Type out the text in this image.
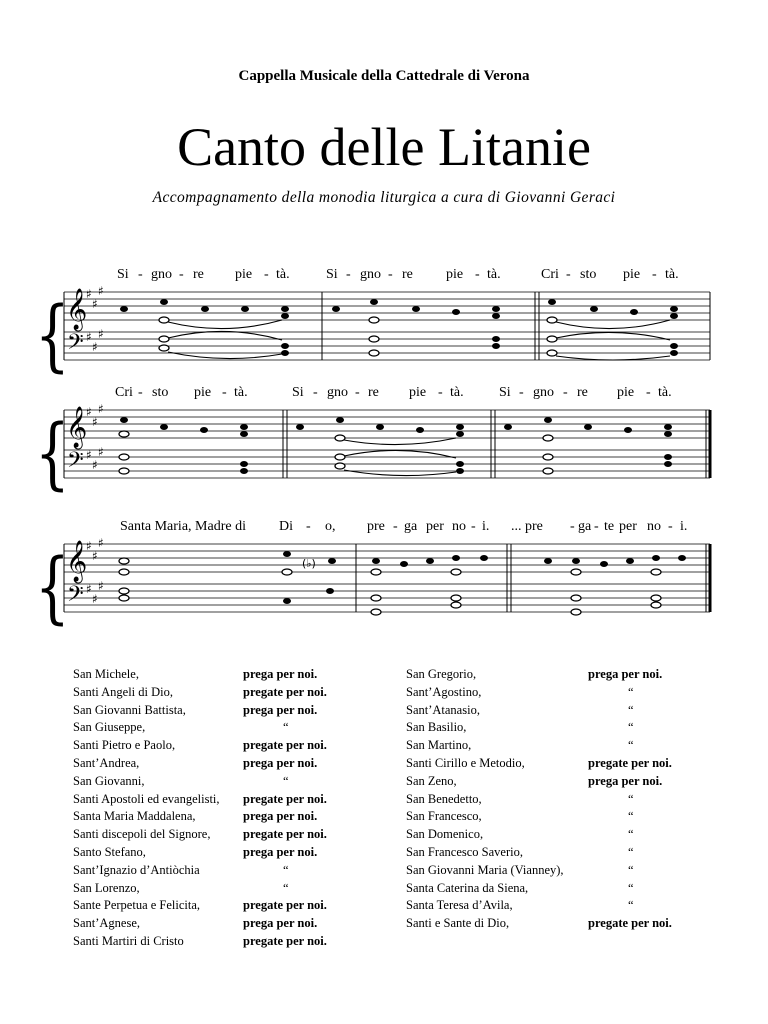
Cappella Musicale della Cattedrale di Verona
Canto delle Litanie
Accompagnamento della monodia liturgica a cura di Giovanni Geraci
Si - gno - re pie - tà.	Si - gno - re pie - tà.	Cri - sto pie - tà.
{
𝄞
𝄢
♯
♯
♯
♯
♯
♯
Cri - sto pie - tà.	Si - gno - re pie - tà.	Si - gno - re pie - tà.
{
𝄞
𝄢
♯
♯
♯
♯
♯
♯
Santa Maria, Madre di Di - o, pre - ga per no - i. ... pre - ga - te per no - i.
{
𝄞
𝄢
♯
♯
♯
♯
♯
♯
(♭)
San Michele,	prega per noi.
Santi Angeli di Dio,	pregate per noi.
San Giovanni Battista,	prega per noi.
San Giuseppe,	“
Santi Pietro e Paolo,	pregate per noi.
Sant’Andrea,	prega per noi.
San Giovanni,	“
Santi Apostoli ed evangelisti,	pregate per noi.
Santa Maria Maddalena,	prega per noi.
Santi discepoli del Signore,	pregate per noi.
Santo Stefano,	prega per noi.
Sant’Ignazio d’Antiòchia	“
San Lorenzo,	“
Sante Perpetua e Felicita,	pregate per noi.
Sant’Agnese,	prega per noi.
Santi Martiri di Cristo	pregate per noi.
San Gregorio,	prega per noi.
Sant’Agostino,	“
Sant’Atanasio,	“
San Basilio,	“
San Martino,	“
Santi Cirillo e Metodio,	pregate per noi.
San Zeno,	prega per noi.
San Benedetto,	“
San Francesco,	“
San Domenico,	“
San Francesco Saverio,	“
San Giovanni Maria (Vianney),	“
Santa Caterina da Siena,	“
Santa Teresa d’Avila,	“
Santi e Sante di Dio,	pregate per noi.
